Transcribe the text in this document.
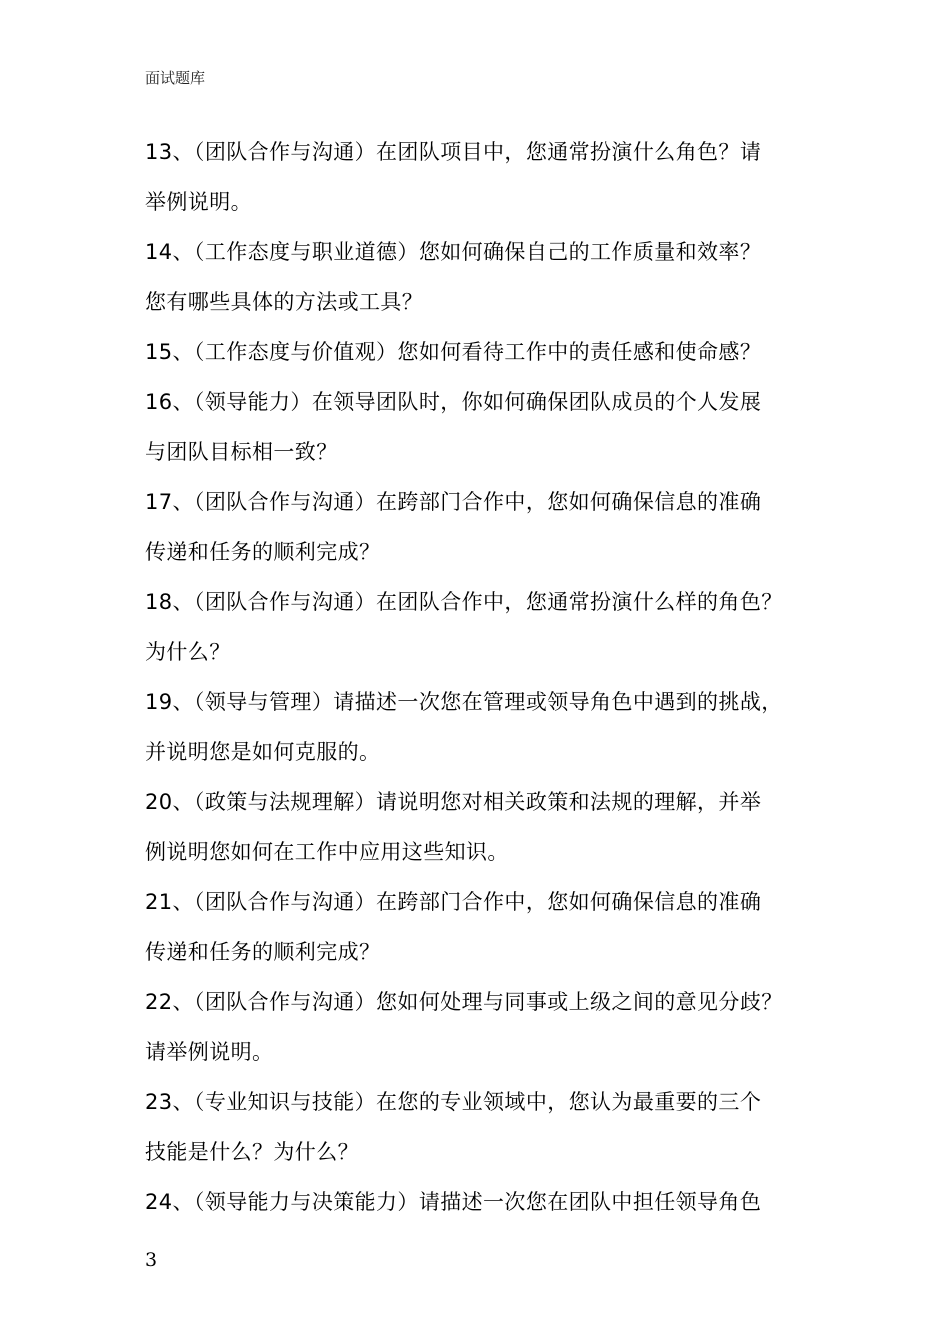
面试题库
13、（团队合作与沟通）在团队项目中，您通常扮演什么角色？请
举例说明。
14、（工作态度与职业道德）您如何确保自己的工作质量和效率？
您有哪些具体的方法或工具？
15、（工作态度与价值观）您如何看待工作中的责任感和使命感？
16、（领导能力）在领导团队时，你如何确保团队成员的个人发展
与团队目标相一致？
17、（团队合作与沟通）在跨部门合作中，您如何确保信息的准确
传递和任务的顺利完成？
18、（团队合作与沟通）在团队合作中，您通常扮演什么样的角色？
为什么？
19、（领导与管理）请描述一次您在管理或领导角色中遇到的挑战，
并说明您是如何克服的。
20、（政策与法规理解）请说明您对相关政策和法规的理解，并举
例说明您如何在工作中应用这些知识。
21、（团队合作与沟通）在跨部门合作中，您如何确保信息的准确
传递和任务的顺利完成？
22、（团队合作与沟通）您如何处理与同事或上级之间的意见分歧？
请举例说明。
23、（专业知识与技能）在您的专业领域中，您认为最重要的三个
技能是什么？为什么？
24、（领导能力与决策能力）请描述一次您在团队中担任领导角色
3
